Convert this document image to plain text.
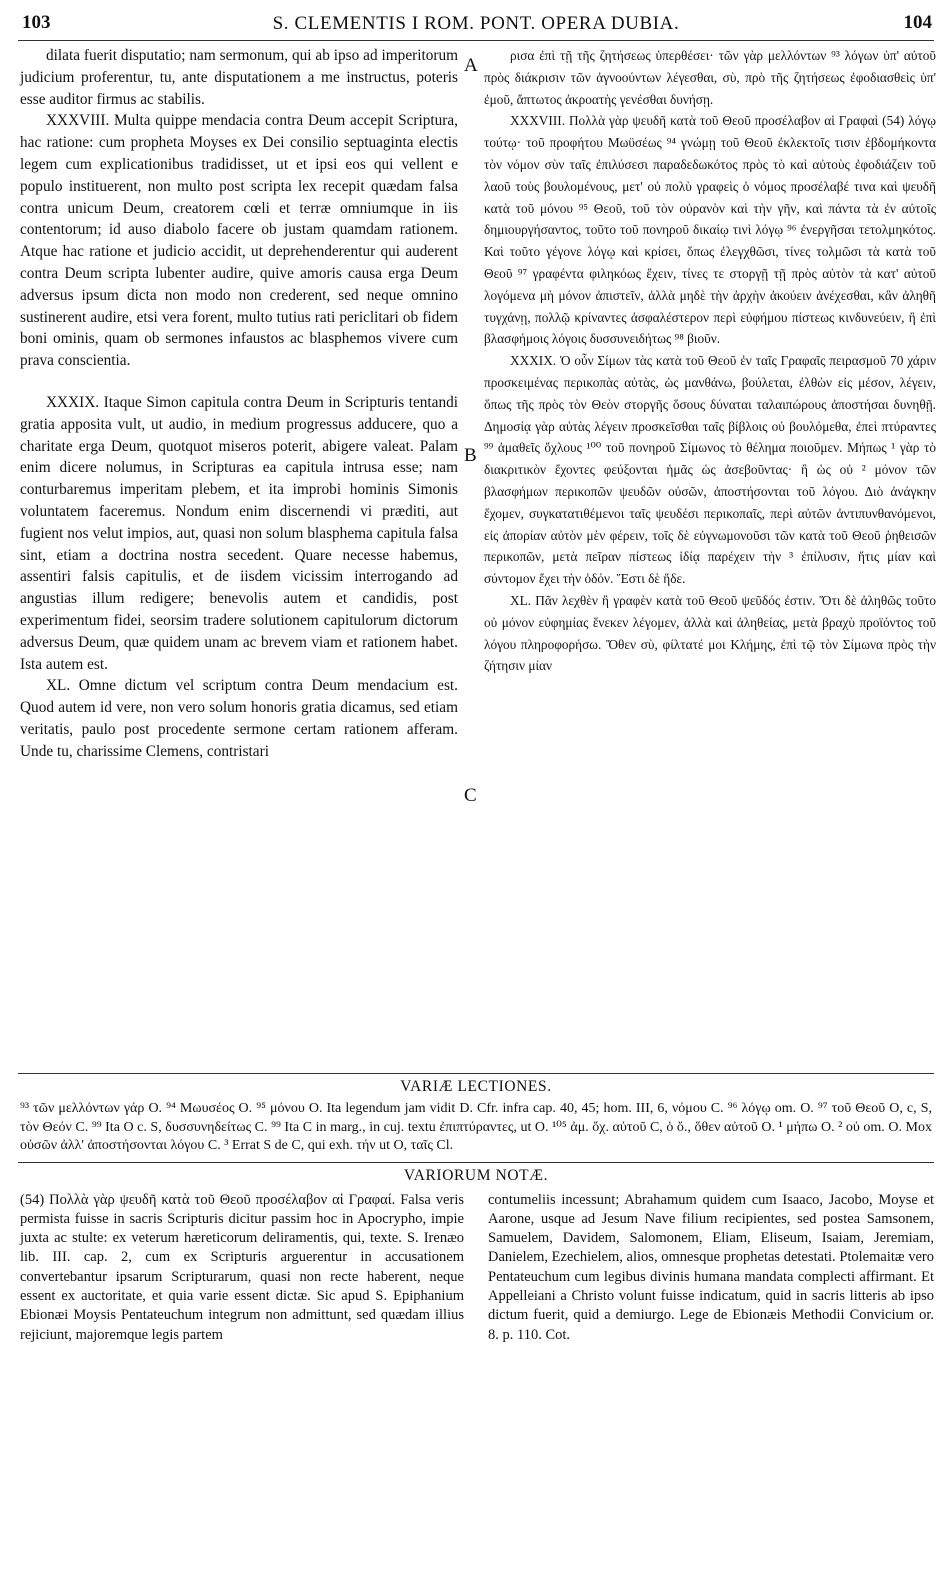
103	S. CLEMENTIS I ROM. PONT. OPERA DUBIA.	104

dilata fuerit disputatio; nam sermonum, qui ab ipso ad imperitorum judicium proferentur, tu, ante disputationem a me instructus, poteris esse auditor firmus ac stabilis.

XXXVIII. Multa quippe mendacia contra Deum accepit Scriptura, hac ratione: cum propheta Moyses ex Dei consilio septuaginta electis legem cum explicationibus tradidisset, ut et ipsi eos qui vellent e populo instituerent, non multo post scripta lex recepit quædam falsa contra unicum Deum, creatorem cœli et terræ omniumque in iis contentorum; id auso diabolo facere ob justam quamdam rationem. Atque hac ratione et judicio accidit, ut deprehenderentur qui auderent contra Deum scripta lubenter audire, quive amoris causa erga Deum adversus ipsum dicta non modo non crederent, sed neque omnino sustinerent audire, etsi vera forent, multo tutius rati periclitari ob fidem boni ominis, quam ob sermones infaustos ac blasphemos vivere cum prava conscientia.

XXXIX. Itaque Simon capitula contra Deum in Scripturis tentandi gratia apposita vult, ut audio, in medium progressus adducere, quo a charitate erga Deum, quotquot miseros poterit, abigere valeat. Palam enim dicere nolumus, in Scripturas ea capitula intrusa esse; nam conturbaremus imperitam plebem, et ita improbi hominis Simonis voluntatem faceremus. Nondum enim discernendi vi præditi, aut fugient nos velut impios, aut, quasi non solum blasphema capitula falsa sint, etiam a doctrina nostra secedent. Quare necesse habemus, assentiri falsis capitulis, et de iisdem vicissim interrogando ad angustias illum redigere; benevolis autem et candidis, post experimentum fidei, seorsim tradere solutionem capitulorum dictorum adversus Deum, quæ quidem unam ac brevem viam et rationem habet. Ista autem est.

XL. Omne dictum vel scriptum contra Deum mendacium est. Quod autem id vere, non vero solum honoris gratia dicamus, sed etiam veritatis, paulo post procedente sermone certam rationem afferam. Unde tu, charissime Clemens, contristari

A
B
C

ρισα ἐπὶ τῇ τῆς ζητήσεως ὑπερθέσει· τῶν γὰρ μελλόντων ⁹³ λόγων ὑπ' αὐτοῦ πρὸς διάκρισιν τῶν ἀγνοούντων λέγεσθαι, σὺ, πρὸ τῆς ζητήσεως ἐφοδιασθεὶς ὑπ' ἐμοῦ, ἄπτωτος ἀκροατὴς γενέσθαι δυνήσῃ.

XXXVIII. Πολλὰ γὰρ ψευδῆ κατὰ τοῦ Θεοῦ προσέλαβον αἱ Γραφαὶ (54) λόγῳ τούτῳ· τοῦ προφήτου Μωϋσέως ⁹⁴ γνώμῃ τοῦ Θεοῦ ἐκλεκτοῖς τισιν ἑβδομήκοντα τὸν νόμον σὺν ταῖς ἐπιλύσεσι παραδεδωκότος πρὸς τὸ καὶ αὐτοὺς ἐφοδιάζειν τοῦ λαοῦ τοὺς βουλομένους, μετ' οὐ πολὺ γραφεὶς ὁ νόμος προσέλαβέ τινα καὶ ψευδῆ κατὰ τοῦ μόνου ⁹⁵ Θεοῦ, τοῦ τὸν οὐρανὸν καὶ τὴν γῆν, καὶ πάντα τὰ ἐν αὐτοῖς δημιουργήσαντος, τοῦτο τοῦ πονηροῦ δικαίῳ τινὶ λόγῳ ⁹⁶ ἐνεργῆσαι τετολμηκότος. Καὶ τοῦτο γέγονε λόγῳ καὶ κρίσει, ὅπως ἐλεγχθῶσι, τίνες τολμῶσι τὰ κατὰ τοῦ Θεοῦ ⁹⁷ γραφέντα φιληκόως ἔχειν, τίνες τε στοργῇ τῇ πρὸς αὐτὸν τὰ κατ' αὐτοῦ λογόμενα μὴ μόνον ἀπιστεῖν, ἀλλὰ μηδὲ τὴν ἀρχὴν ἀκούειν ἀνέχεσθαι, κἂν ἀληθῆ τυγχάνῃ, πολλῷ κρίναντες ἀσφαλέστερον περὶ εὐφήμου πίστεως κινδυνεύειν, ἢ ἐπὶ βλασφήμοις λόγοις δυσσυνειδήτως ⁹⁸ βιοῦν.

XXXIX. Ὁ οὖν Σίμων τὰς κατὰ τοῦ Θεοῦ ἐν ταῖς Γραφαῖς πειρασμοῦ 70 χάριν προσκειμένας περικοπὰς αὐτὰς, ὡς μανθάνω, βούλεται, ἐλθὼν εἰς μέσον, λέγειν, ὅπως τῆς πρὸς τὸν Θεὸν στοργῆς ὅσους δύναται ταλαιπώρους ἀποστήσαι δυνηθῇ. Δημοσίᾳ γὰρ αὐτὰς λέγειν προσκεῖσθαι ταῖς βίβλοις οὐ βουλόμεθα, ἐπεὶ πτύραντες ⁹⁹ ἀμαθεῖς ὄχλους ¹⁰⁰ τοῦ πονηροῦ Σίμωνος τὸ θέλημα ποιοῦμεν. Μήπως ¹ γὰρ τὸ διακριτικὸν ἔχοντες φεύξονται ἡμᾶς ὡς ἀσεβοῦντας· ἢ ὡς οὐ ² μόνον τῶν βλασφήμων περικοπῶν ψευδῶν οὐσῶν, ἀποστήσονται τοῦ λόγου. Διὸ ἀνάγκην ἔχομεν, συγκατατιθέμενοι ταῖς ψευδέσι περικοπαῖς, περὶ αὐτῶν ἀντιπυνθανόμενοι, εἰς ἀπορίαν αὐτὸν μὲν φέρειν, τοῖς δὲ εὐγνωμονοῦσι τῶν κατὰ τοῦ Θεοῦ ῥηθεισῶν περικοπῶν, μετὰ πεῖραν πίστεως ἰδίᾳ παρέχειν τὴν ³ ἐπίλυσιν, ἥτις μίαν καὶ σύντομον ἔχει τὴν ὁδόν. Ἔστι δὲ ἥδε.

XL. Πᾶν λεχθὲν ἢ γραφὲν κατὰ τοῦ Θεοῦ ψεῦδός ἐστιν. Ὅτι δὲ ἀληθῶς τοῦτο οὐ μόνον εὐφημίας ἕνεκεν λέγομεν, ἀλλὰ καὶ ἀληθείας, μετὰ βραχὺ προϊόντος τοῦ λόγου πληροφορήσω. Ὅθεν σὺ, φίλτατέ μοι Κλήμης, ἐπὶ τῷ τὸν Σίμωνα πρὸς τὴν ζήτησιν μίαν

VARIÆ LECTIONES.
⁹³ τῶν μελλόντων γάρ O. ⁹⁴ Μωυσέος O. ⁹⁵ μόνου O. Ita legendum jam vidit D. Cfr. infra cap. 40, 45; hom. III, 6, νόμου C. ⁹⁶ λόγῳ om. O. ⁹⁷ τοῦ Θεοῦ O, c, S, τὸν Θεόν C. ⁹⁹ Ita O c. S, δυσσυνηδείτως C. ⁹⁹ Ita C in marg., in cuj. textu ἐπιπτύραντες, ut O. ¹⁰⁵ ἀμ. ὄχ. αὐτοῦ C, ὁ ὄ., ὅθεν αὐτοῦ O. ¹ μήπω O. ² οὐ om. O. Mox οὐσῶν ἀλλ' ἀποστήσονται λόγου C. ³ Errat S de C, qui exh. τήν ut O, ταῖς Cl.
VARIORUM NOTÆ.

(54) Πολλὰ γὰρ ψευδῆ κατὰ τοῦ Θεοῦ προσέλαβον αἱ Γραφαί. Falsa veris permista fuisse in sacris Scripturis dicitur passim hoc in Apocrypho, impie juxta ac stulte: ex veterum hæreticorum deliramentis, qui, texte. S. Irenæo lib. III. cap. 2, cum ex Scripturis arguerentur in accusationem convertebantur ipsarum Scripturarum, quasi non recte haberent, neque essent ex auctoritate, et quia varie essent dictæ. Sic apud S. Epiphanium Ebionæi Moysis Pentateuchum integrum non admittunt, sed quædam illius rejiciunt, majoremque legis partem

contumeliis incessunt; Abrahamum quidem cum Isaaco, Jacobo, Moyse et Aarone, usque ad Jesum Nave filium recipientes, sed postea Samsonem, Samuelem, Davidem, Salomonem, Eliam, Eliseum, Isaiam, Jeremiam, Danielem, Ezechielem, alios, omnesque prophetas detestati. Ptolemaitæ vero Pentateuchum cum legibus divinis humana mandata complecti affirmant. Et Appelleiani a Christo volunt fuisse indicatum, quid in sacris litteris ab ipso dictum fuerit, quid a demiurgo. Lege de Ebionæis Methodii Convicium or. 8. p. 110. Cot.
